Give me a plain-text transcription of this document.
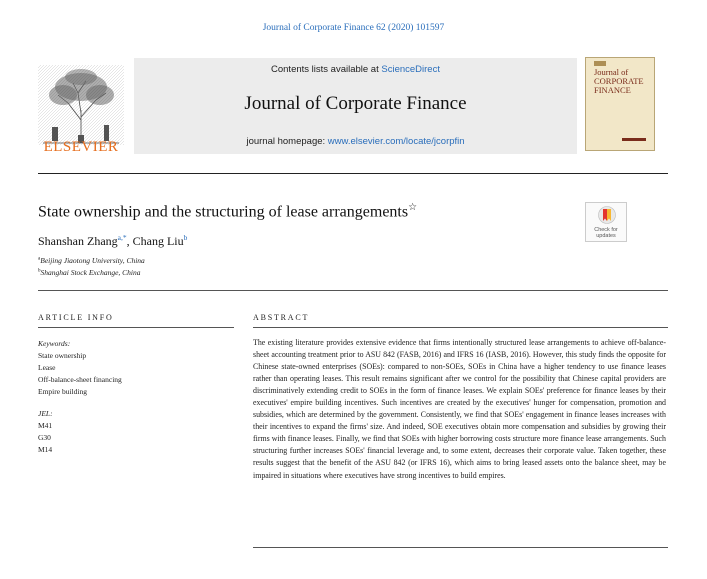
Journal of Corporate Finance 62 (2020) 101597
ELSEVIER
Contents lists available at ScienceDirect
Journal of Corporate Finance
journal homepage: www.elsevier.com/locate/jcorpfin
Journal of CORPORATE FINANCE
State ownership and the structuring of lease arrangements☆
Check for updates
Shanshan Zhang$^{a,*}$, Chang Liu$^b$
$^a$Beijing Jiaotong University, China
$^b$Shanghai Stock Exchange, China
ARTICLE INFO	ABSTRACT
Keywords:
State ownership
Lease
Off-balance-sheet financing
Empire building
JEL:
M41
G30
M14
The existing literature provides extensive evidence that firms intentionally structured lease arrangements to achieve off-balance-sheet accounting treatment prior to ASU 842 (FASB, 2016) and IFRS 16 (IASB, 2016). However, this study finds the opposite for Chinese state-owned enterprises (SOEs): compared to non-SOEs, SOEs in China have a higher tendency to use finance leases rather than operating leases. This result remains significant after we control for the possibility that Chinese capital providers are discriminatively extending credit to SOEs in the form of finance leases. We explain SOEs' preference for finance leases by their executives' empire building incentives. Such incentives are created by the executives' hunger for compensation, promotion and subsidies, which are determined by the government. Consistently, we find that SOEs' engagement in finance leases increases with their incentives to expand the firms' size. And indeed, SOE executives obtain more compensation and subsidies by growing their firms with finance leases. Finally, we find that SOEs with higher borrowing costs structure more finance lease arrangements. Such structuring further increases SOEs' financial leverage and, to some extent, decreases their corporate value. Taken together, these results suggest that the benefit of the ASU 842 (or IFRS 16), which aims to bring leased assets onto the balance sheet, may be impaired in situations where executives have strong incentives to build empires.
